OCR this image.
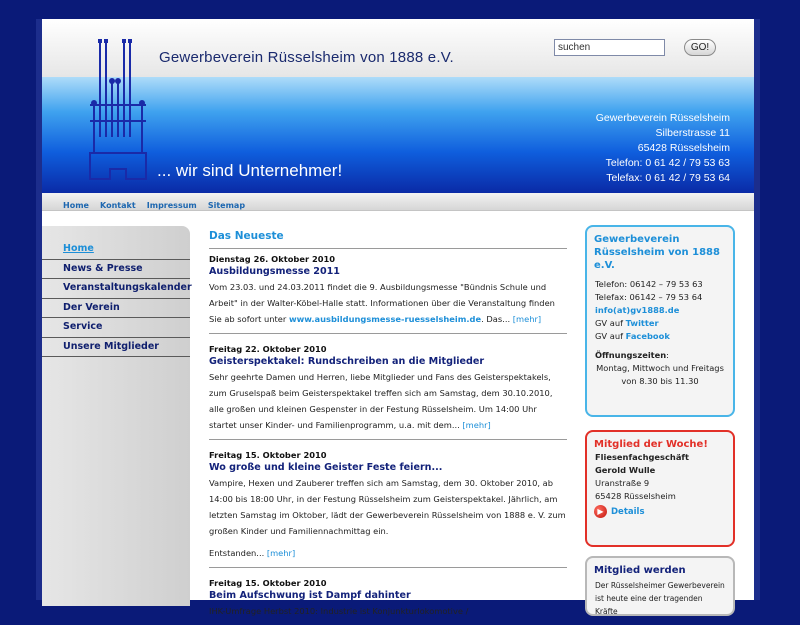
Gewerbeverein Rüsselsheim von 1888 e.V.
... wir sind Unternehmer!
suchen
GO!
Gewerbeverein Rüsselsheim
Silberstrasse 11
65428 Rüsselsheim
Telefon: 0 61 42 / 79 53 63
Telefax: 0 61 42 / 79 53 64
Home Kontakt Impressum Sitemap
Home
News & Presse
Veranstaltungskalender
Der Verein
Service
Unsere Mitglieder
Das Neueste
Dienstag 26. Oktober 2010
Ausbildungsmesse 2011
Vom 23.03. und 24.03.2011 findet die 9. Ausbildungsmesse "Bündnis Schule und Arbeit" in der Walter-Köbel-Halle statt. Informationen über die Veranstaltung finden Sie ab sofort unter www.ausbildungsmesse-ruesselsheim.de. Das... [mehr]
Freitag 22. Oktober 2010
Geisterspektakel: Rundschreiben an die Mitglieder
Sehr geehrte Damen und Herren, liebe Mitglieder und Fans des Geisterspektakels, zum Gruselspaß beim Geisterspektakel treffen sich am Samstag, dem 30.10.2010, alle großen und kleinen Gespenster in der Festung Rüsselsheim. Um 14:00 Uhr startet unser Kinder- und Familienprogramm, u.a. mit dem... [mehr]
Freitag 15. Oktober 2010
Wo große und kleine Geister Feste feiern...
Vampire, Hexen und Zauberer treffen sich am Samstag, dem 30. Oktober 2010, ab 14:00 bis 18:00 Uhr, in der Festung Rüsselsheim zum Geisterspektakel. Jährlich, am letzten Samstag im Oktober, lädt der Gewerbeverein Rüsselsheim von 1888 e. V. zum großen Kinder und Familiennachmittag ein.
Entstanden... [mehr]
Freitag 15. Oktober 2010
Beim Aufschwung ist Dampf dahinter
IHK-Umfrage Herbst 2010: Industrie ist Konjunkturlokomotive /
Gewerbeverein Rüsselsheim von 1888 e.V.
Telefon: 06142 – 79 53 63
Telefax: 06142 – 79 53 64
info(at)gv1888.de
GV auf Twitter
GV auf Facebook
Öffnungszeiten:
Montag, Mittwoch und Freitags
von 8.30 bis 11.30
Mitglied der Woche!
Fliesenfachgeschäft
Gerold Wulle
Uranstraße 9
65428 Rüsselsheim
▶ Details
Mitglied werden
Der Rüsselsheimer Gewerbeverein
ist heute eine der tragenden Kräfte
